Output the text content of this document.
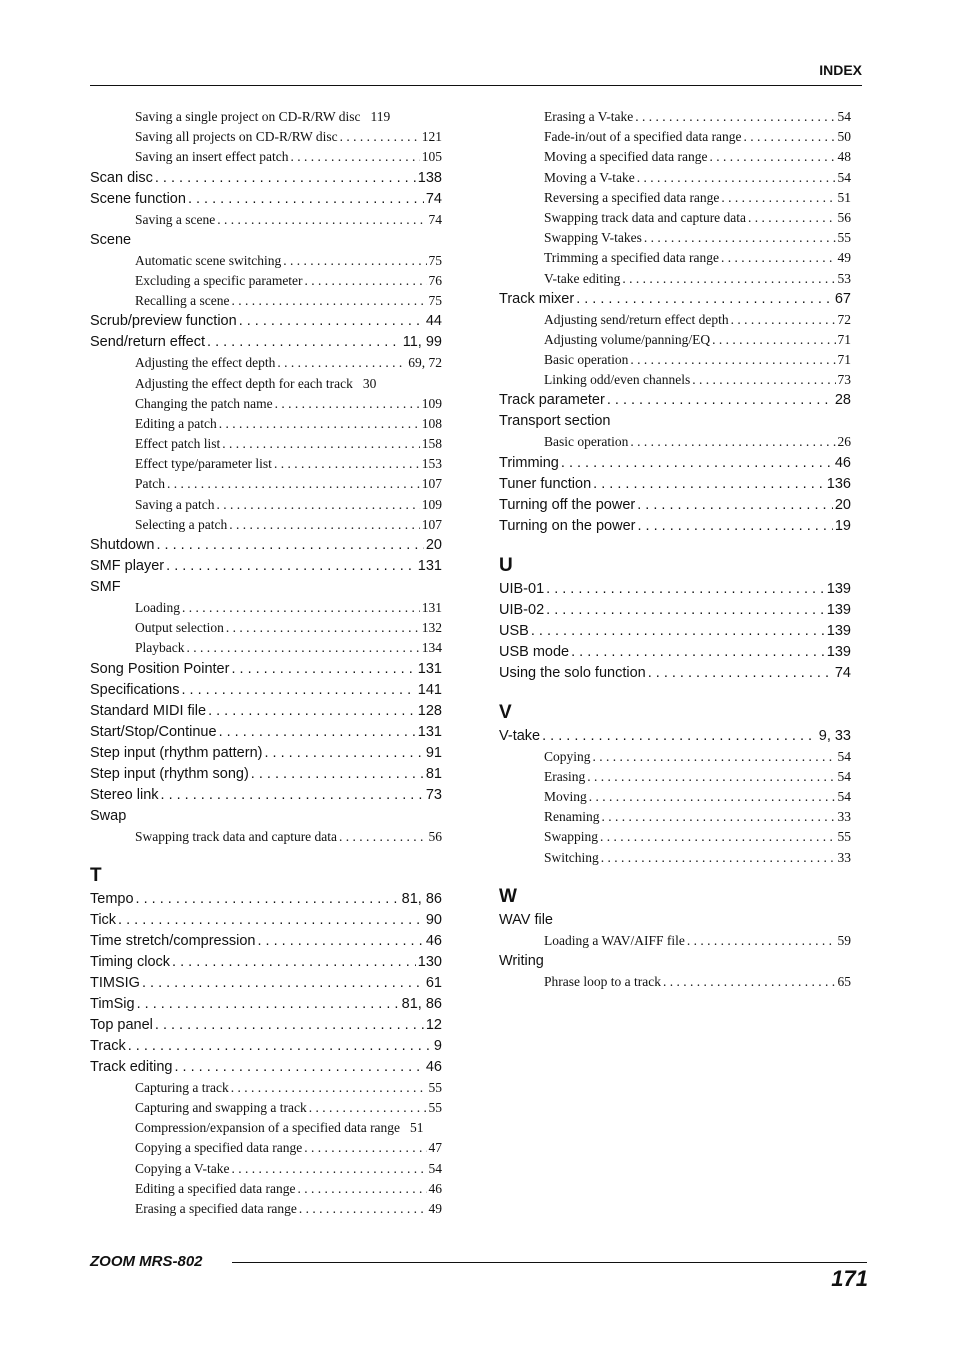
INDEX
Saving a single project on CD-R/RW disc 119
Saving all projects on CD-R/RW disc . . .	121
Saving an insert effect patch . . .	105
Scan disc . . .	138
Scene function . . .	74
Saving a scene . . .	74
Scene
Automatic scene switching . . .	75
Excluding a specific parameter . . .	76
Recalling a scene . . .	75
Scrub/preview function . . .	44
Send/return effect . . .	11, 99
Adjusting the effect depth . . .	69, 72
Adjusting the effect depth for each track 30
Changing the patch name . . .	109
Editing a patch . . .	108
Effect patch list . . .	158
Effect type/parameter list . . .	153
Patch . . .	107
Saving a patch . . .	109
Selecting a patch . . .	107
Shutdown . . .	20
SMF player . . .	131
SMF
Loading . . .	131
Output selection . . .	132
Playback . . .	134
Song Position Pointer . . .	131
Specifications . . .	141
Standard MIDI file . . .	128
Start/Stop/Continue . . .	131
Step input (rhythm pattern) . . .	91
Step input (rhythm song) . . .	81
Stereo link . . .	73
Swap
Swapping track data and capture data . . .	56
T
Tempo . . .	81, 86
Tick . . .	90
Time stretch/compression . . .	46
Timing clock . . .	130
TIMSIG . . .	61
TimSig . . .	81, 86
Top panel . . .	12
Track . . .	9
Track editing . . .	46
Capturing a track . . .	55
Capturing and swapping a track . . .	55
Compression/expansion of a specified data range 51
Copying a specified data range . . .	47
Copying a V-take . . .	54
Editing a specified data range . . .	46
Erasing a specified data range . . .	49
Erasing a V-take . . .	54
Fade-in/out of a specified data range . . .	50
Moving a specified data range . . .	48
Moving a V-take . . .	54
Reversing a specified data range . . .	51
Swapping track data and capture data . . .	56
Swapping V-takes . . .	55
Trimming a specified data range . . .	49
V-take editing . . .	53
Track mixer . . .	67
Adjusting send/return effect depth . . .	72
Adjusting volume/panning/EQ . . .	71
Basic operation . . .	71
Linking odd/even channels . . .	73
Track parameter . . .	28
Transport section
Basic operation . . .	26
Trimming . . .	46
Tuner function . . .	136
Turning off the power . . .	20
Turning on the power . . .	19
U
UIB-01 . . .	139
UIB-02 . . .	139
USB . . .	139
USB mode . . .	139
Using the solo function . . .	74
V
V-take . . .	9, 33
Copying . . .	54
Erasing . . .	54
Moving . . .	54
Renaming . . .	33
Swapping . . .	55
Switching . . .	33
W
WAV file
Loading a WAV/AIFF file . . .	59
Writing
Phrase loop to a track . . .	65
ZOOM MRS-802
171
